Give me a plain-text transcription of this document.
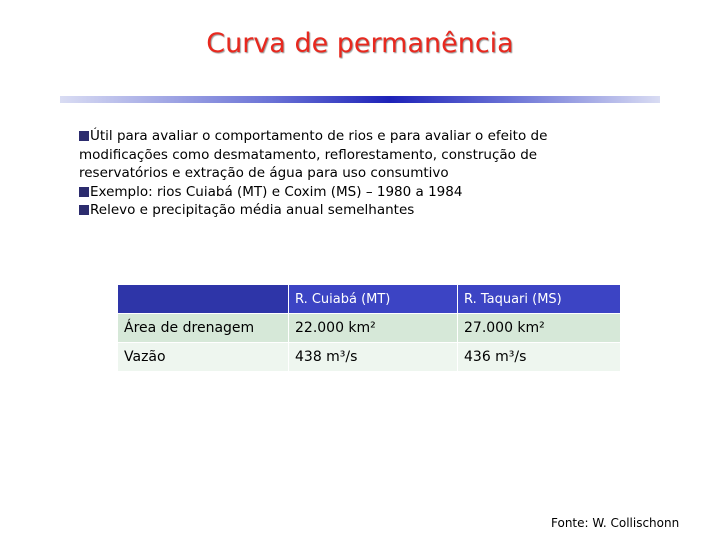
Curva de permanência
Útil para avaliar o comportamento de rios e para avaliar o efeito de
modificações como desmatamento, reflorestamento, construção de
reservatórios e extração de água para uso consumtivo
Exemplo: rios Cuiabá (MT) e Coxim (MS) – 1980 a 1984
Relevo e precipitação média anual semelhantes
	R. Cuiabá (MT)	R. Taquari (MS)
Área de drenagem	22.000 km²	27.000 km²
Vazão	438 m³/s	436 m³/s
Fonte: W. Collischonn
